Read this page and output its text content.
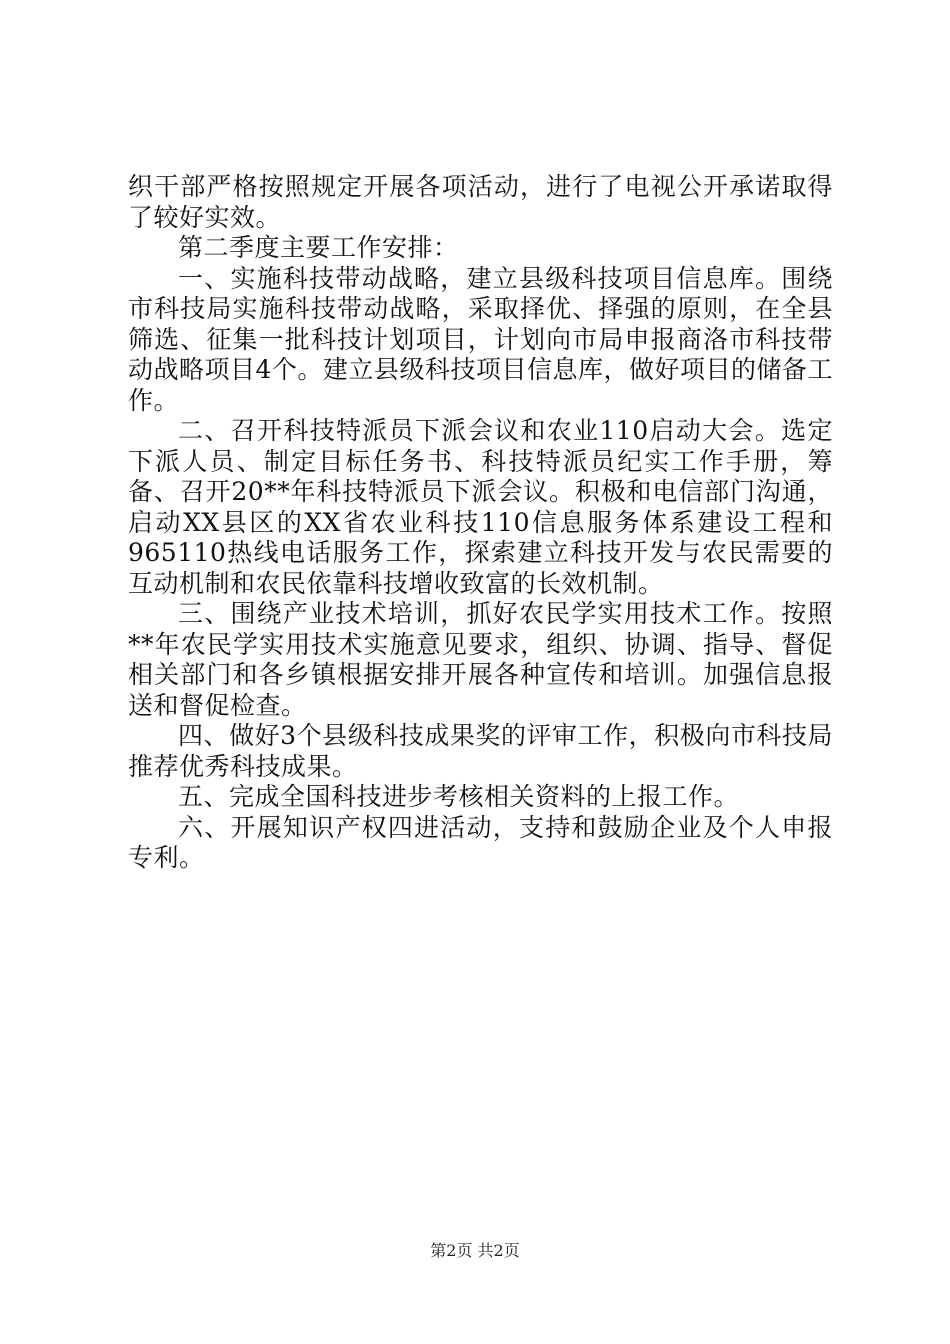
织干部严格按照规定开展各项活动，进行了电视公开承诺取得了较好实效。

第二季度主要工作安排：

一、实施科技带动战略，建立县级科技项目信息库。围绕市科技局实施科技带动战略，采取择优、择强的原则，在全县筛选、征集一批科技计划项目，计划向市局申报商洛市科技带动战略项目4个。建立县级科技项目信息库，做好项目的储备工作。

二、召开科技特派员下派会议和农业110启动大会。选定下派人员、制定目标任务书、科技特派员纪实工作手册，筹备、召开20**年科技特派员下派会议。积极和电信部门沟通，启动XX县区的XX省农业科技110信息服务体系建设工程和965110热线电话服务工作，探索建立科技开发与农民需要的互动机制和农民依靠科技增收致富的长效机制。

三、围绕产业技术培训，抓好农民学实用技术工作。按照**年农民学实用技术实施意见要求，组织、协调、指导、督促相关部门和各乡镇根据安排开展各种宣传和培训。加强信息报送和督促检查。

四、做好3个县级科技成果奖的评审工作，积极向市科技局推荐优秀科技成果。

五、完成全国科技进步考核相关资料的上报工作。

六、开展知识产权四进活动，支持和鼓励企业及个人申报专利。

第2页 共2页
